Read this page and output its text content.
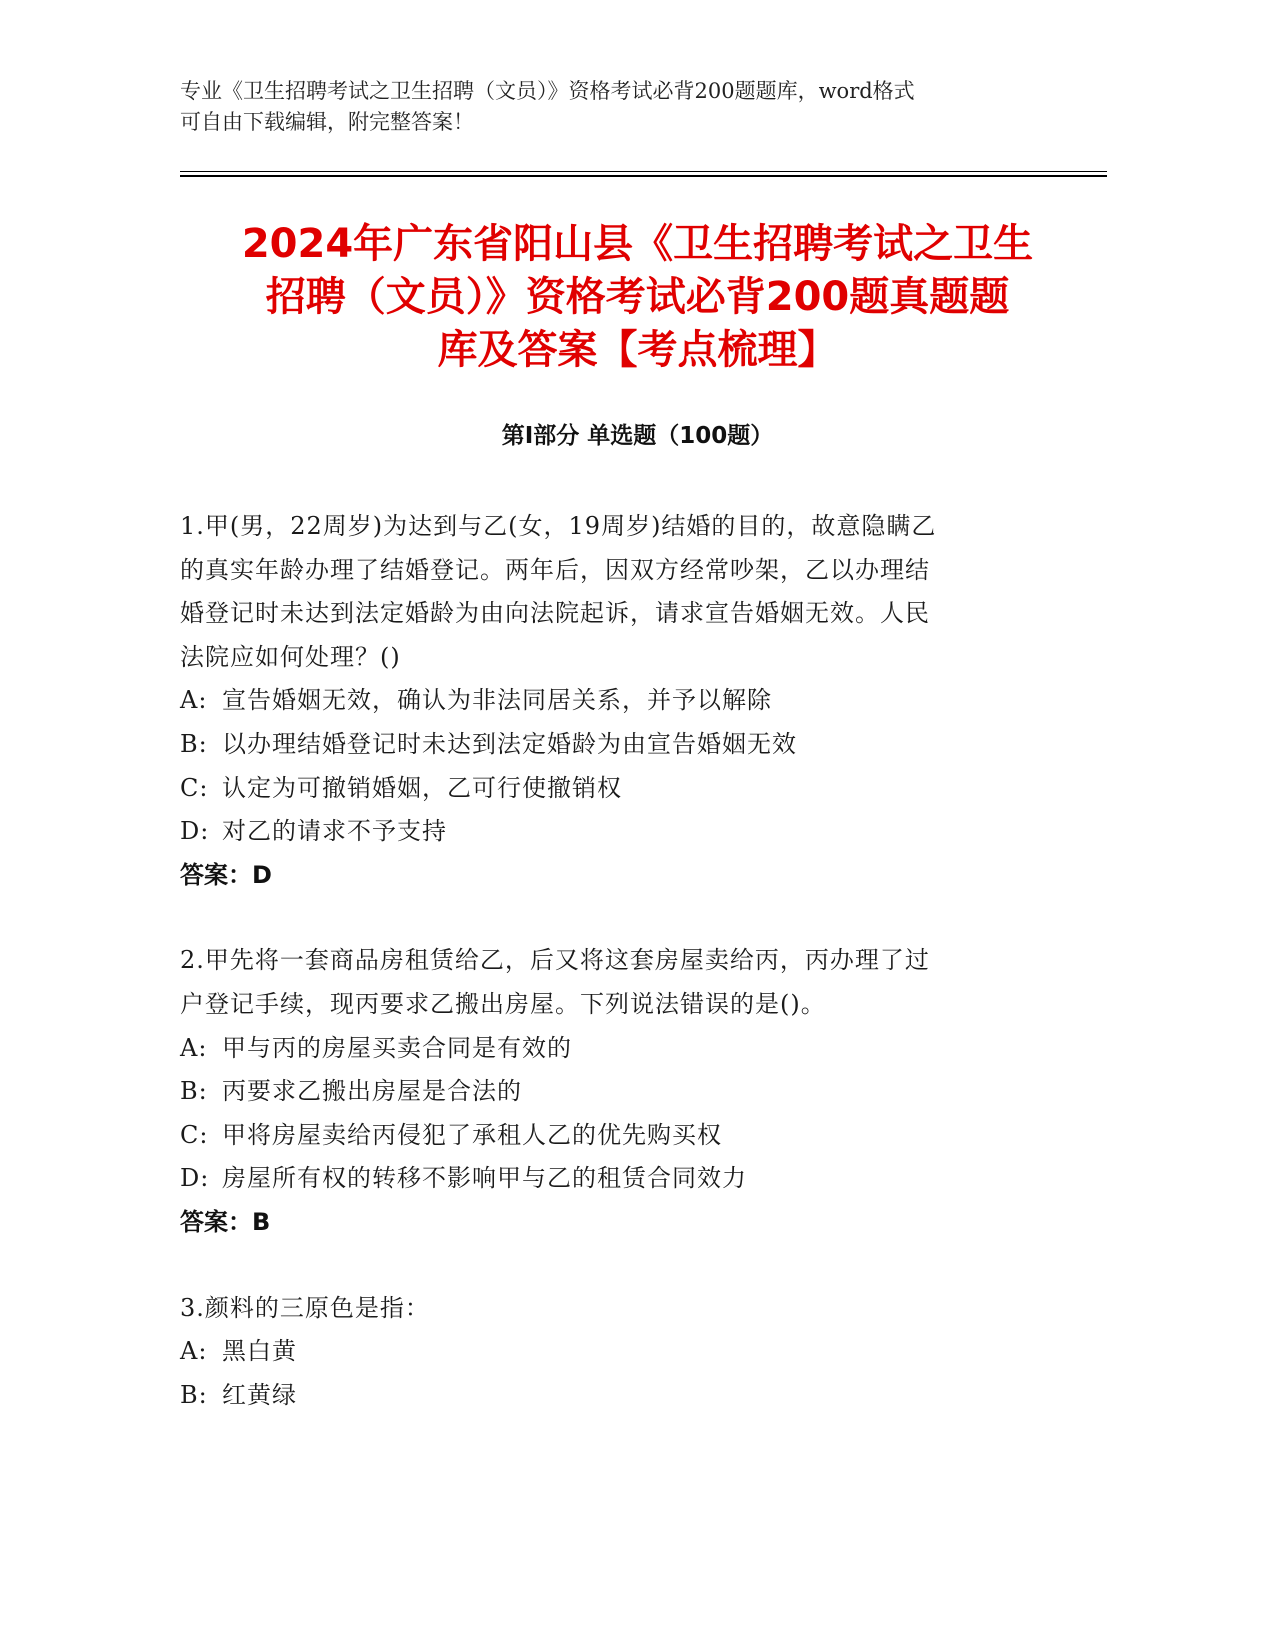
专业《卫生招聘考试之卫生招聘（文员）》资格考试必背200题题库，word格式

可自由下载编辑，附完整答案！

2024年广东省阳山县《卫生招聘考试之卫生
招聘（文员）》资格考试必背200题真题题
库及答案【考点梳理】
第Ⅰ部分 单选题（100题）

1.甲(男，22周岁)为达到与乙(女，19周岁)结婚的目的，故意隐瞒乙

的真实年龄办理了结婚登记。两年后，因双方经常吵架，乙以办理结

婚登记时未达到法定婚龄为由向法院起诉，请求宣告婚姻无效。人民

法院应如何处理？()

A: 宣告婚姻无效，确认为非法同居关系，并予以解除

B: 以办理结婚登记时未达到法定婚龄为由宣告婚姻无效

C: 认定为可撤销婚姻，乙可行使撤销权

D: 对乙的请求不予支持

答案：D

2.甲先将一套商品房租赁给乙，后又将这套房屋卖给丙，丙办理了过

户登记手续，现丙要求乙搬出房屋。下列说法错误的是()。

A: 甲与丙的房屋买卖合同是有效的

B: 丙要求乙搬出房屋是合法的

C: 甲将房屋卖给丙侵犯了承租人乙的优先购买权

D: 房屋所有权的转移不影响甲与乙的租赁合同效力

答案：B

3.颜料的三原色是指：

A: 黑白黄

B: 红黄绿
